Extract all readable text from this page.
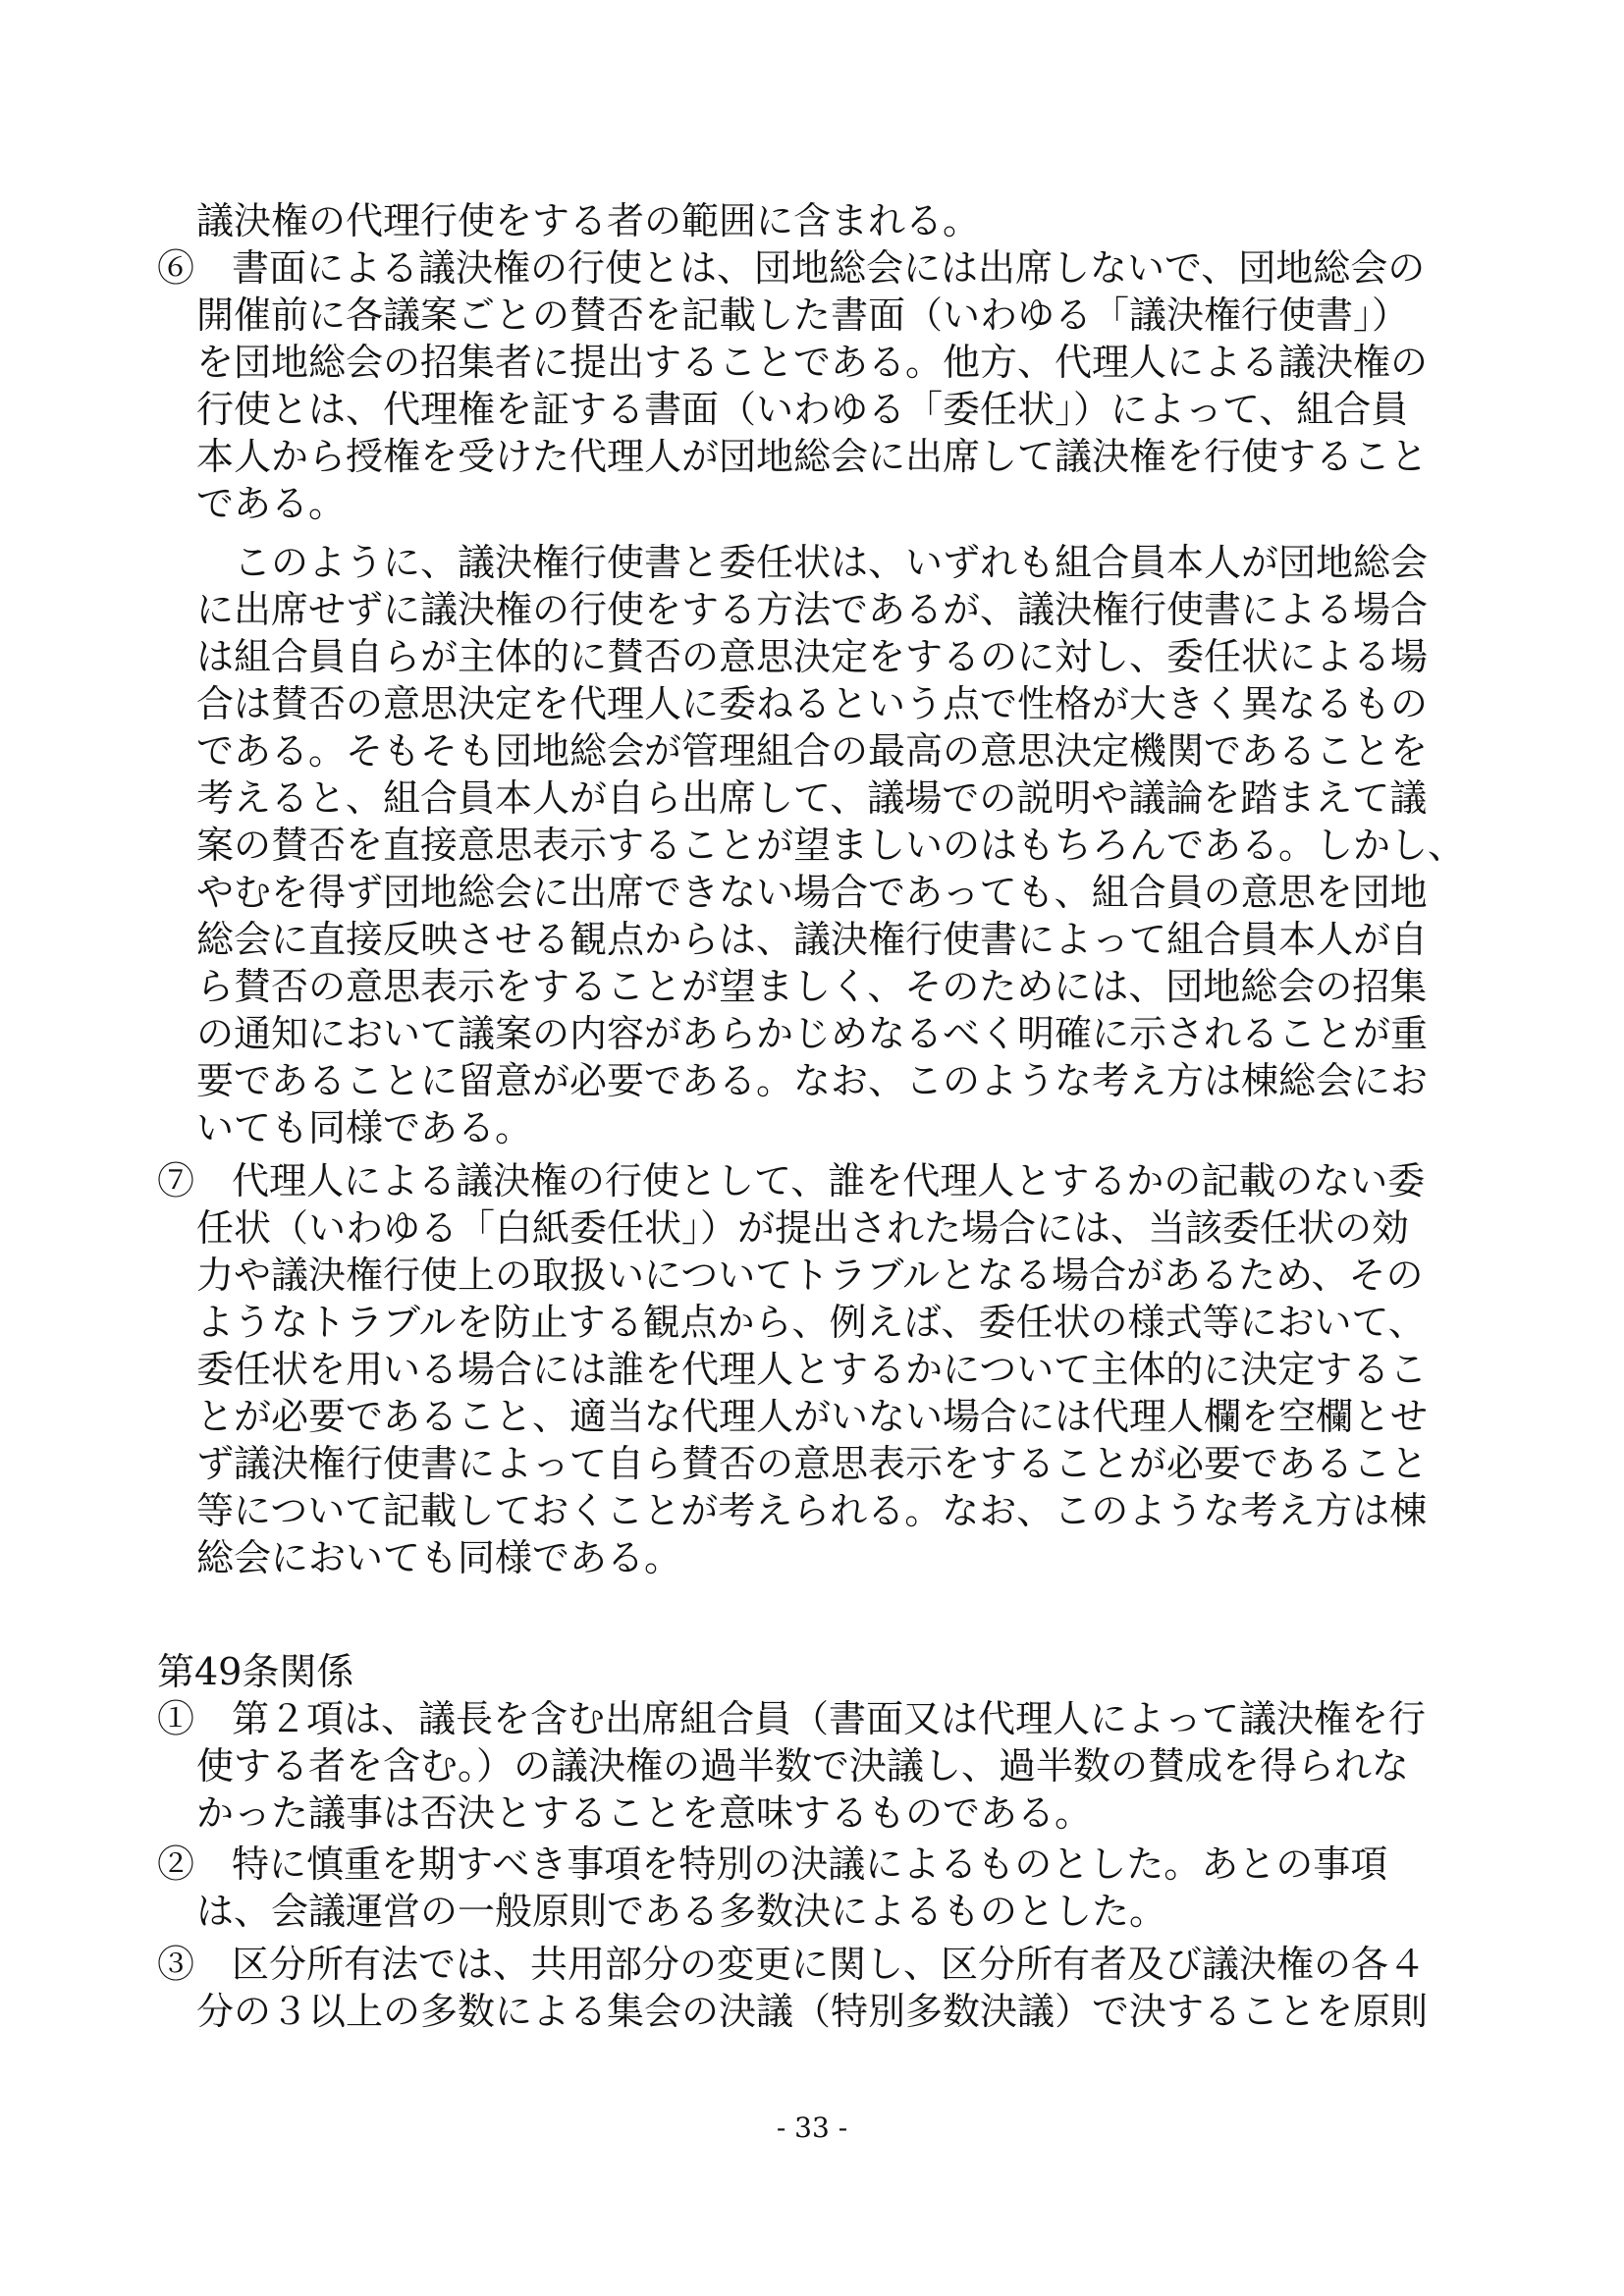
議決権の代理行使をする者の範囲に含まれる。
⑥　書面による議決権の行使とは、団地総会には出席しないで、団地総会の
開催前に各議案ごとの賛否を記載した書面（いわゆる「議決権行使書」）
を団地総会の招集者に提出することである。他方、代理人による議決権の
行使とは、代理権を証する書面（いわゆる「委任状」）によって、組合員
本人から授権を受けた代理人が団地総会に出席して議決権を行使すること
である。
　このように、議決権行使書と委任状は、いずれも組合員本人が団地総会
に出席せずに議決権の行使をする方法であるが、議決権行使書による場合
は組合員自らが主体的に賛否の意思決定をするのに対し、委任状による場
合は賛否の意思決定を代理人に委ねるという点で性格が大きく異なるもの
である。そもそも団地総会が管理組合の最高の意思決定機関であることを
考えると、組合員本人が自ら出席して、議場での説明や議論を踏まえて議
案の賛否を直接意思表示することが望ましいのはもちろんである。しかし、
やむを得ず団地総会に出席できない場合であっても、組合員の意思を団地
総会に直接反映させる観点からは、議決権行使書によって組合員本人が自
ら賛否の意思表示をすることが望ましく、そのためには、団地総会の招集
の通知において議案の内容があらかじめなるべく明確に示されることが重
要であることに留意が必要である。なお、このような考え方は棟総会にお
いても同様である。
⑦　代理人による議決権の行使として、誰を代理人とするかの記載のない委
任状（いわゆる「白紙委任状」）が提出された場合には、当該委任状の効
力や議決権行使上の取扱いについてトラブルとなる場合があるため、その
ようなトラブルを防止する観点から、例えば、委任状の様式等において、
委任状を用いる場合には誰を代理人とするかについて主体的に決定するこ
とが必要であること、適当な代理人がいない場合には代理人欄を空欄とせ
ず議決権行使書によって自ら賛否の意思表示をすることが必要であること
等について記載しておくことが考えられる。なお、このような考え方は棟
総会においても同様である。
第49条関係
①　第２項は、議長を含む出席組合員（書面又は代理人によって議決権を行
使する者を含む。）の議決権の過半数で決議し、過半数の賛成を得られな
かった議事は否決とすることを意味するものである。
②　特に慎重を期すべき事項を特別の決議によるものとした。あとの事項
は、会議運営の一般原則である多数決によるものとした。
③　区分所有法では、共用部分の変更に関し、区分所有者及び議決権の各４
分の３以上の多数による集会の決議（特別多数決議）で決することを原則
- 33 -
